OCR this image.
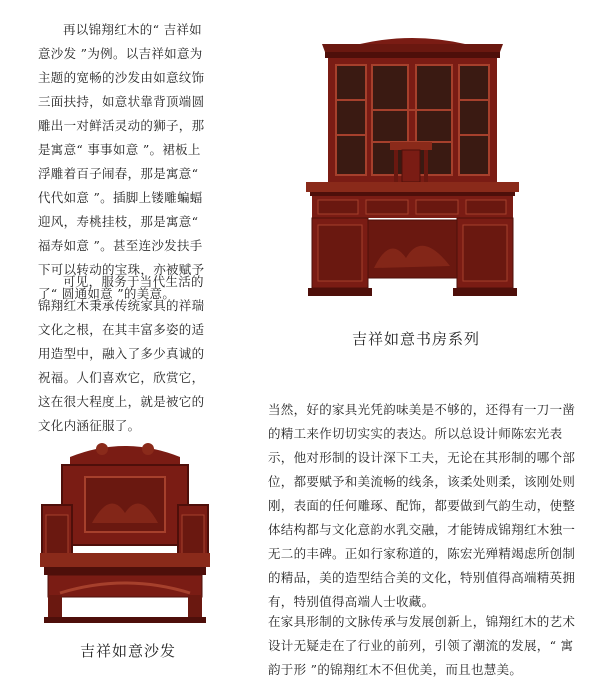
再以锦翔红木的“ 吉祥如意沙发 ”为例。以吉祥如意为主题的宽畅的沙发由如意纹饰三面扶持，如意状靠背顶端圆雕出一对鲜活灵动的狮子，那是寓意“ 事事如意 ”。裙板上浮雕着百子闹春，那是寓意“ 代代如意 ”。插脚上镂雕蝙蝠迎风，寿桃挂枝，那是寓意“ 福寿如意 ”。甚至连沙发扶手下可以转动的宝珠，亦被赋予了“ 圆通如意 ”的美意。

可见，服务于当代生活的锦翔红木秉承传统家具的祥瑞文化之根，在其丰富多姿的适用造型中，融入了多少真诚的祝福。人们喜欢它，欣赏它，这在很大程度上，就是被它的文化内涵征服了。

吉祥如意书房系列

吉祥如意沙发

当然，好的家具光凭韵味美是不够的，还得有一刀一凿的精工来作切切实实的表达。所以总设计师陈宏光表示，他对形制的设计深下工夫，无论在其形制的哪个部位，都要赋予和美流畅的线条，该柔处则柔，该刚处则刚，表面的任何雕琢、配饰，都要做到气韵生动，使整体结构都与文化意韵水乳交融，才能铸成锦翔红木独一无二的丰碑。正如行家称道的，陈宏光殚精竭虑所创制的精品，美的造型结合美的文化，特别值得高端精英拥有，特别值得高端人士收藏。

在家具形制的文脉传承与发展创新上，锦翔红木的艺术设计无疑走在了行业的前列，引领了潮流的发展，“ 寓韵于形 ”的锦翔红木不但优美，而且也慧美。
